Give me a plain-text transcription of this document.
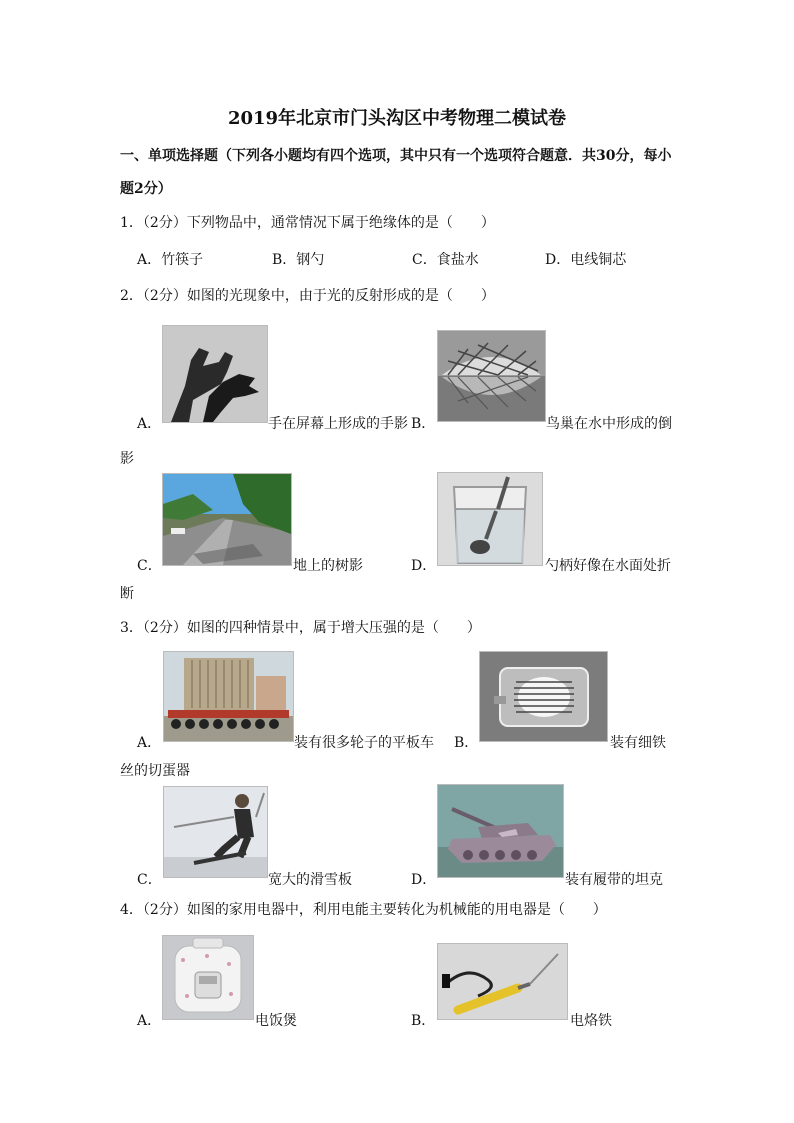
2019年北京市门头沟区中考物理二模试卷
一、单项选择题（下列各小题均有四个选项，其中只有一个选项符合题意．共30分，每小
题2分）
1．（2分）下列物品中，通常情况下属于绝缘体的是（　　）
A．竹筷子	B．钢勺	C．食盐水	D．电线铜芯
2．（2分）如图的光现象中，由于光的反射形成的是（　　）
A．	手在屏幕上形成的手影 B．	鸟巢在水中形成的倒
影
C．	地上的树影	D．	勺柄好像在水面处折
断
3．（2分）如图的四种情景中，属于增大压强的是（　　）
A．	装有很多轮子的平板车 B．	装有细铁
丝的切蛋器
C．	宽大的滑雪板	D．	装有履带的坦克
4．（2分）如图的家用电器中，利用电能主要转化为机械能的用电器是（　　）
A．	电饭煲	B．	电烙铁
